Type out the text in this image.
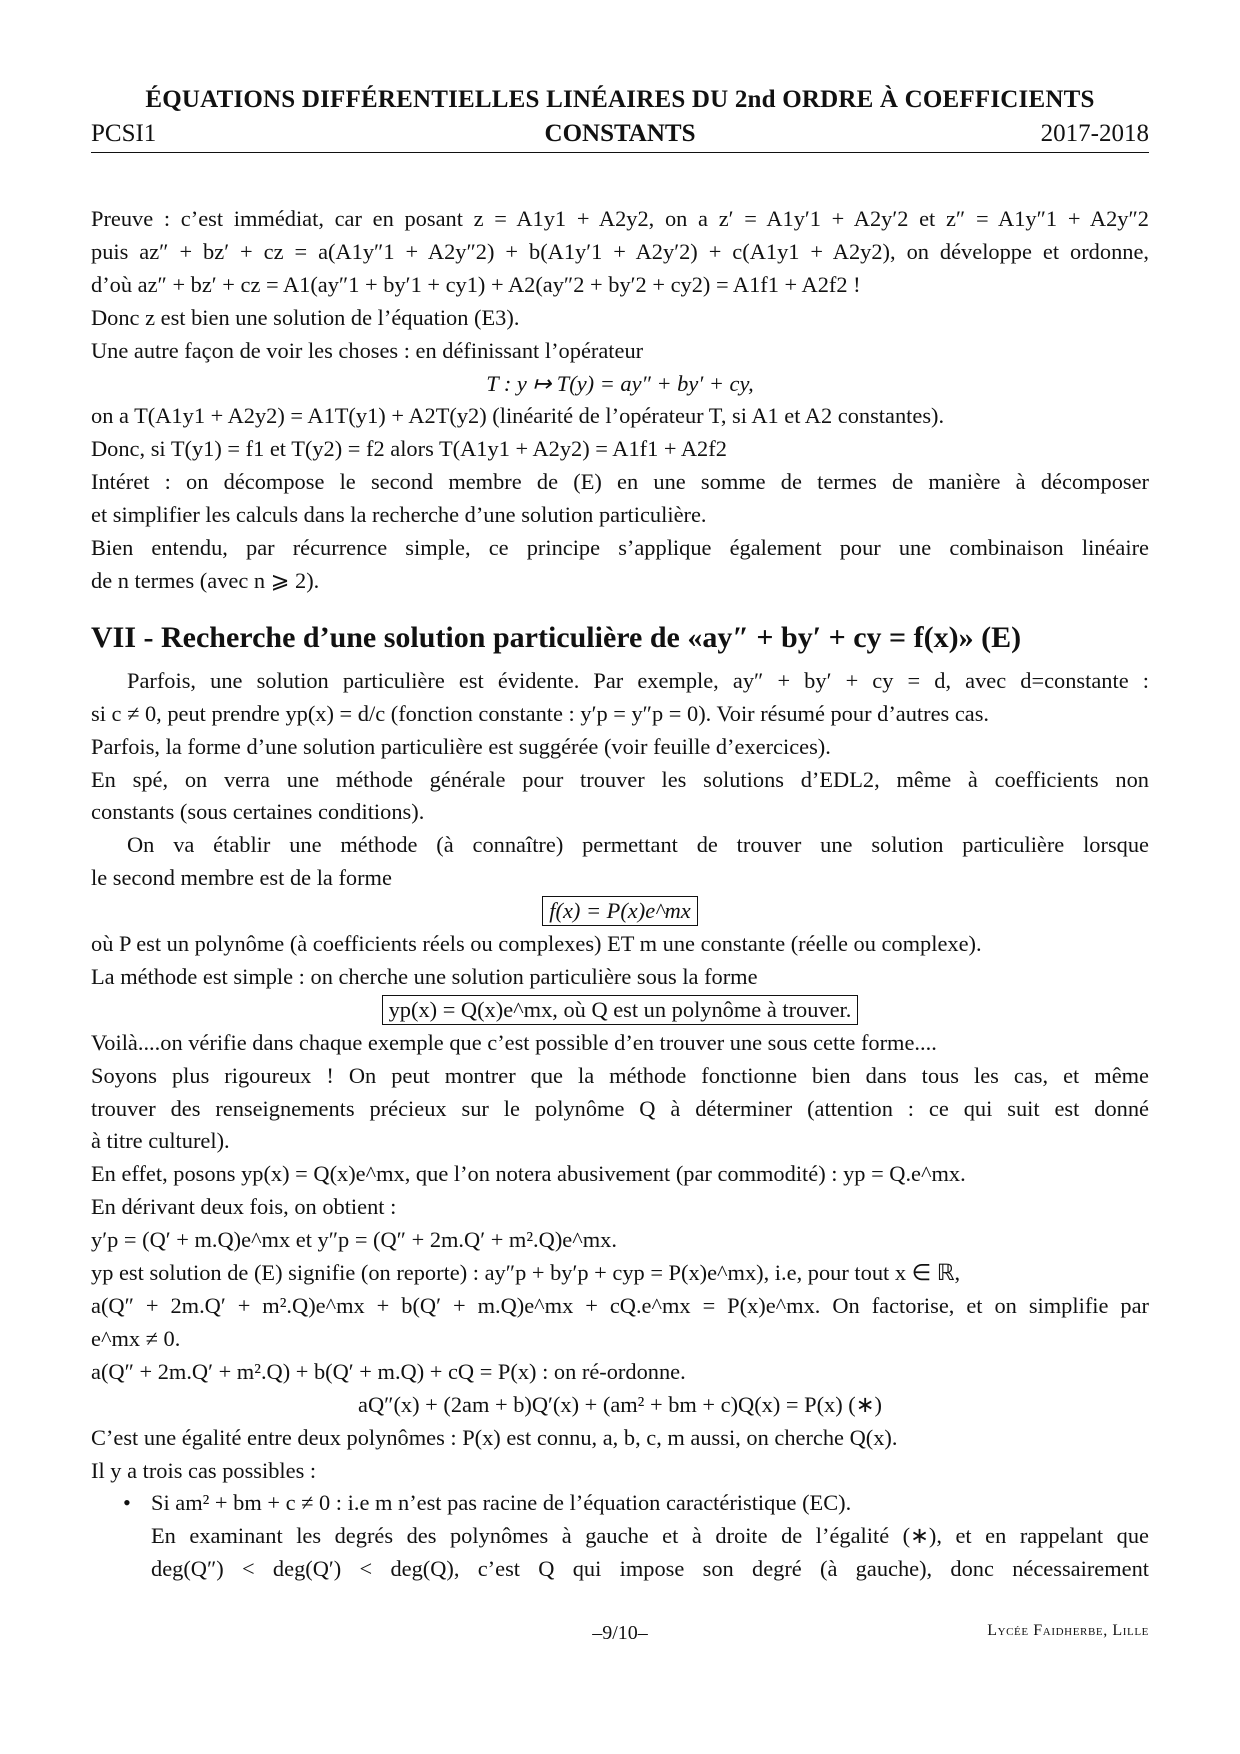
ÉQUATIONS DIFFÉRENTIELLES LINÉAIRES DU 2nd ORDRE À COEFFICIENTS
PCSI1	CONSTANTS	2017-2018
Preuve : c’est immédiat, car en posant z = A1y1 + A2y2, on a z′ = A1y′1 + A2y′2 et z″ = A1y″1 + A2y″2
puis az″ + bz′ + cz = a(A1y″1 + A2y″2) + b(A1y′1 + A2y′2) + c(A1y1 + A2y2), on développe et ordonne,
d’où az″ + bz′ + cz = A1(ay″1 + by′1 + cy1) + A2(ay″2 + by′2 + cy2) = A1f1 + A2f2 !
Donc z est bien une solution de l’équation (E3).
Une autre façon de voir les choses : en définissant l’opérateur
T : y ↦ T(y) = ay″ + by′ + cy,
on a T(A1y1 + A2y2) = A1T(y1) + A2T(y2) (linéarité de l’opérateur T, si A1 et A2 constantes).
Donc, si T(y1) = f1 et T(y2) = f2 alors T(A1y1 + A2y2) = A1f1 + A2f2
Intéret : on décompose le second membre de (E) en une somme de termes de manière à décomposer
et simplifier les calculs dans la recherche d’une solution particulière.
Bien entendu, par récurrence simple, ce principe s’applique également pour une combinaison linéaire
de n termes (avec n ⩾ 2).
VII - Recherche d’une solution particulière de «ay″ + by′ + cy = f(x)» (E)
Parfois, une solution particulière est évidente. Par exemple, ay″ + by′ + cy = d, avec d=constante :
si c ≠ 0, peut prendre yp(x) = d/c (fonction constante : y′p = y″p = 0). Voir résumé pour d’autres cas.
Parfois, la forme d’une solution particulière est suggérée (voir feuille d’exercices).
En spé, on verra une méthode générale pour trouver les solutions d’EDL2, même à coefficients non
constants (sous certaines conditions).
On va établir une méthode (à connaître) permettant de trouver une solution particulière lorsque
le second membre est de la forme
f(x) = P(x)e^mx
où P est un polynôme (à coefficients réels ou complexes) ET m une constante (réelle ou complexe).
La méthode est simple : on cherche une solution particulière sous la forme
yp(x) = Q(x)e^mx, où Q est un polynôme à trouver.
Voilà....on vérifie dans chaque exemple que c’est possible d’en trouver une sous cette forme....
Soyons plus rigoureux ! On peut montrer que la méthode fonctionne bien dans tous les cas, et même
trouver des renseignements précieux sur le polynôme Q à déterminer (attention : ce qui suit est donné
à titre culturel).
En effet, posons yp(x) = Q(x)e^mx, que l’on notera abusivement (par commodité) : yp = Q.e^mx.
En dérivant deux fois, on obtient :
y′p = (Q′ + m.Q)e^mx et y″p = (Q″ + 2m.Q′ + m².Q)e^mx.
yp est solution de (E) signifie (on reporte) : ay″p + by′p + cyp = P(x)e^mx), i.e, pour tout x ∈ ℝ,
a(Q″ + 2m.Q′ + m².Q)e^mx + b(Q′ + m.Q)e^mx + cQ.e^mx = P(x)e^mx. On factorise, et on simplifie par
e^mx ≠ 0.
a(Q″ + 2m.Q′ + m².Q) + b(Q′ + m.Q) + cQ = P(x) : on ré-ordonne.
aQ″(x) + (2am + b)Q′(x) + (am² + bm + c)Q(x) = P(x) (∗)
C’est une égalité entre deux polynômes : P(x) est connu, a, b, c, m aussi, on cherche Q(x).
Il y a trois cas possibles :
• Si am² + bm + c ≠ 0 : i.e m n’est pas racine de l’équation caractéristique (EC).
En examinant les degrés des polynômes à gauche et à droite de l’égalité (∗), et en rappelant que
deg(Q″) < deg(Q′) < deg(Q), c’est Q qui impose son degré (à gauche), donc nécessairement
–9/10–	Lycée Faidherbe, Lille
